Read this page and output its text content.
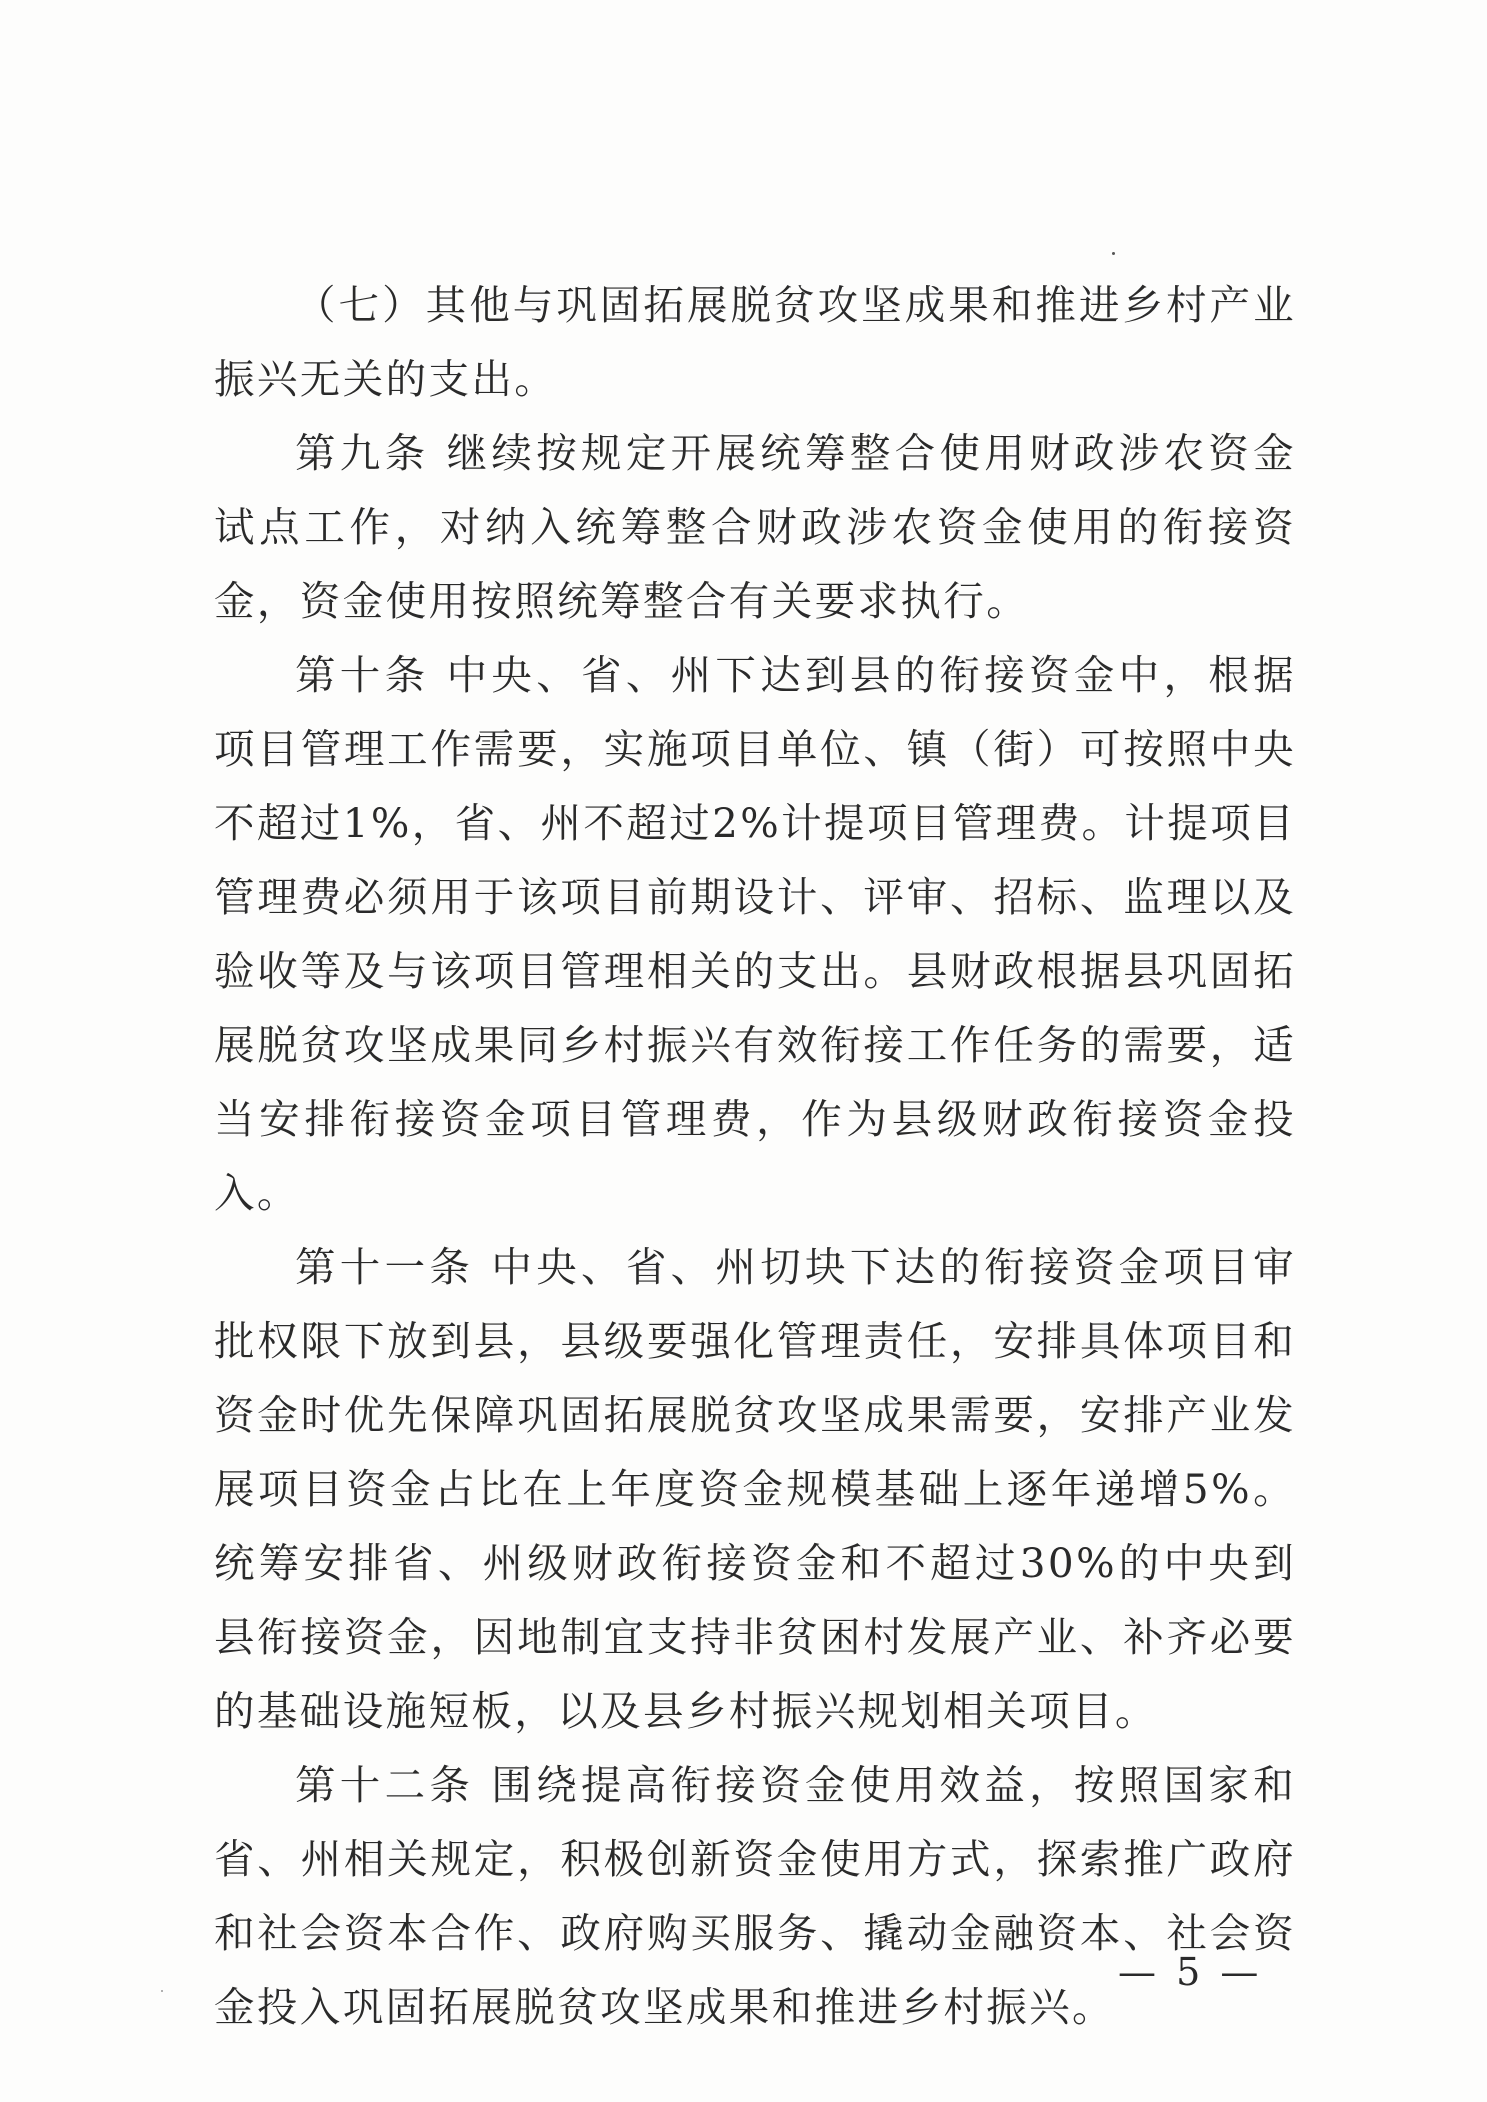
（七）其他与巩固拓展脱贫攻坚成果和推进乡村产业振兴无关的支出。

第九条 继续按规定开展统筹整合使用财政涉农资金试点工作，对纳入统筹整合财政涉农资金使用的衔接资金，资金使用按照统筹整合有关要求执行。

第十条 中央、省、州下达到县的衔接资金中，根据项目管理工作需要，实施项目单位、镇（街）可按照中央不超过1%，省、州不超过2%计提项目管理费。计提项目管理费必须用于该项目前期设计、评审、招标、监理以及验收等及与该项目管理相关的支出。县财政根据县巩固拓展脱贫攻坚成果同乡村振兴有效衔接工作任务的需要，适当安排衔接资金项目管理费，作为县级财政衔接资金投入。

第十一条 中央、省、州切块下达的衔接资金项目审批权限下放到县，县级要强化管理责任，安排具体项目和资金时优先保障巩固拓展脱贫攻坚成果需要，安排产业发展项目资金占比在上年度资金规模基础上逐年递增5%。统筹安排省、州级财政衔接资金和不超过30%的中央到县衔接资金，因地制宜支持非贫困村发展产业、补齐必要的基础设施短板，以及县乡村振兴规划相关项目。

第十二条 围绕提高衔接资金使用效益，按照国家和省、州相关规定，积极创新资金使用方式，探索推广政府和社会资本合作、政府购买服务、撬动金融资本、社会资金投入巩固拓展脱贫攻坚成果和推进乡村振兴。

— 5 —
